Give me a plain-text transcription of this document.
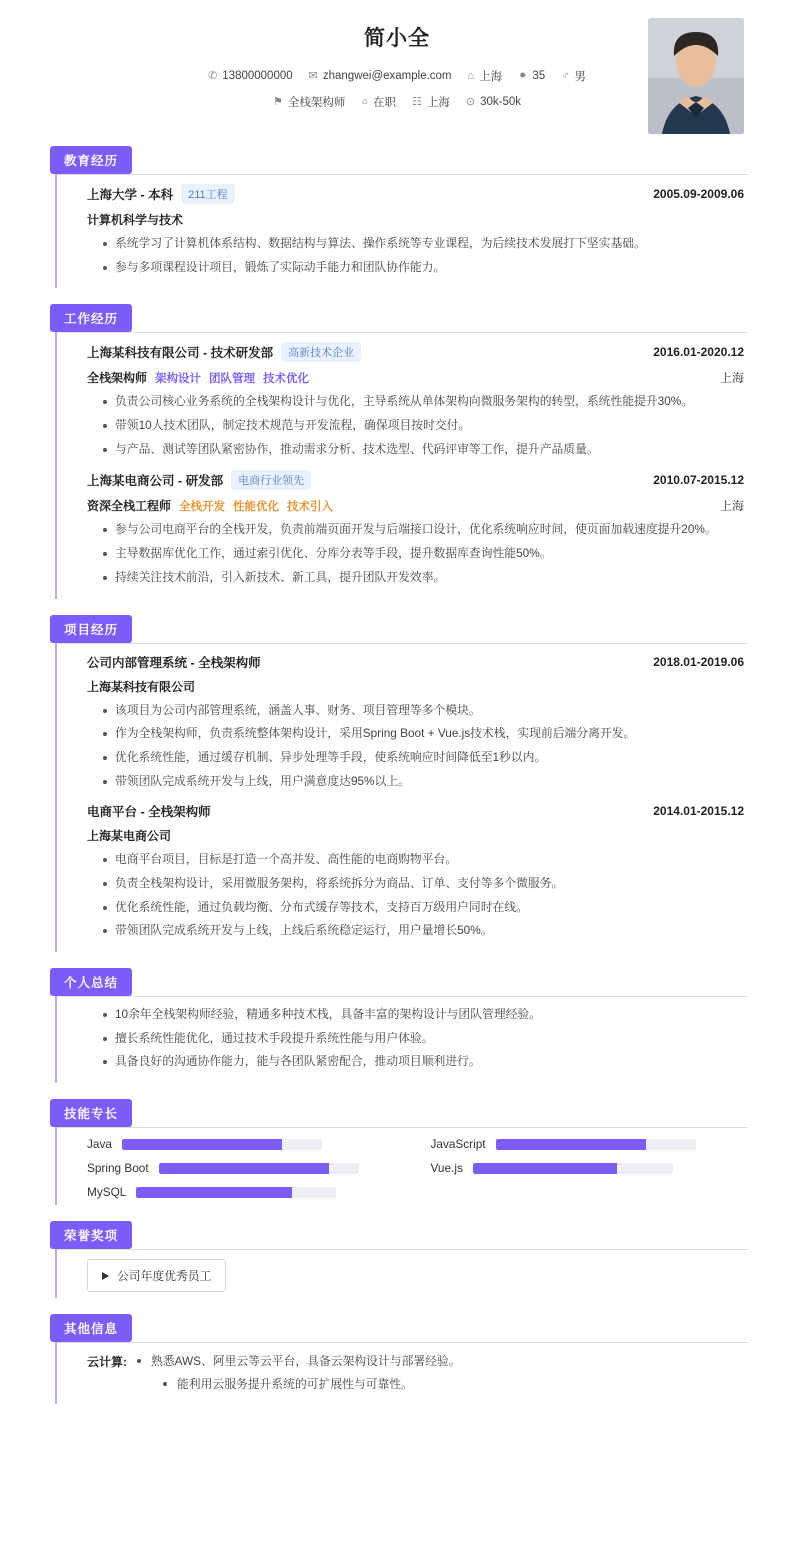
简小全
✆ 13800000000 ✉ zhangwei@example.com ⌂ 上海 ⚫ 35 ♂ 男
⚑ 全栈架构师 ○ 在职 ☷ 上海 ⊙ 30k-50k
教育经历
上海大学 - 本科	211工程	2005.09-2009.06
计算机科学与技术
系统学习了计算机体系结构、数据结构与算法、操作系统等专业课程，为后续技术发展打下坚实基础。
参与多项课程设计项目，锻炼了实际动手能力和团队协作能力。
工作经历
上海某科技有限公司 - 技术研发部	高新技术企业	2016.01-2020.12
全栈架构师 架构设计 团队管理 技术优化	上海
负责公司核心业务系统的全栈架构设计与优化，主导系统从单体架构向微服务架构的转型，系统性能提升30%。
带领10人技术团队，制定技术规范与开发流程，确保项目按时交付。
与产品、测试等团队紧密协作，推动需求分析、技术选型、代码评审等工作，提升产品质量。
上海某电商公司 - 研发部	电商行业领先	2010.07-2015.12
资深全栈工程师 全栈开发 性能优化 技术引入	上海
参与公司电商平台的全栈开发，负责前端页面开发与后端接口设计，优化系统响应时间，使页面加载速度提升20%。
主导数据库优化工作，通过索引优化、分库分表等手段，提升数据库查询性能50%。
持续关注技术前沿，引入新技术、新工具，提升团队开发效率。
项目经历
公司内部管理系统 - 全栈架构师	2018.01-2019.06
上海某科技有限公司
该项目为公司内部管理系统，涵盖人事、财务、项目管理等多个模块。
作为全栈架构师，负责系统整体架构设计，采用Spring Boot + Vue.js技术栈，实现前后端分离开发。
优化系统性能，通过缓存机制、异步处理等手段，使系统响应时间降低至1秒以内。
带领团队完成系统开发与上线，用户满意度达95%以上。
电商平台 - 全栈架构师	2014.01-2015.12
上海某电商公司
电商平台项目，目标是打造一个高并发、高性能的电商购物平台。
负责全栈架构设计，采用微服务架构，将系统拆分为商品、订单、支付等多个微服务。
优化系统性能，通过负载均衡、分布式缓存等技术，支持百万级用户同时在线。
带领团队完成系统开发与上线，上线后系统稳定运行，用户量增长50%。
个人总结
10余年全栈架构师经验，精通多种技术栈，具备丰富的架构设计与团队管理经验。
擅长系统性能优化，通过技术手段提升系统性能与用户体验。
具备良好的沟通协作能力，能与各团队紧密配合，推动项目顺利进行。
技能专长
Java	JavaScript
Spring Boot	Vue.js
MySQL
荣誉奖项
公司年度优秀员工
其他信息
云计算:	熟悉AWS、阿里云等云平台，具备云架构设计与部署经验。
能利用云服务提升系统的可扩展性与可靠性。
